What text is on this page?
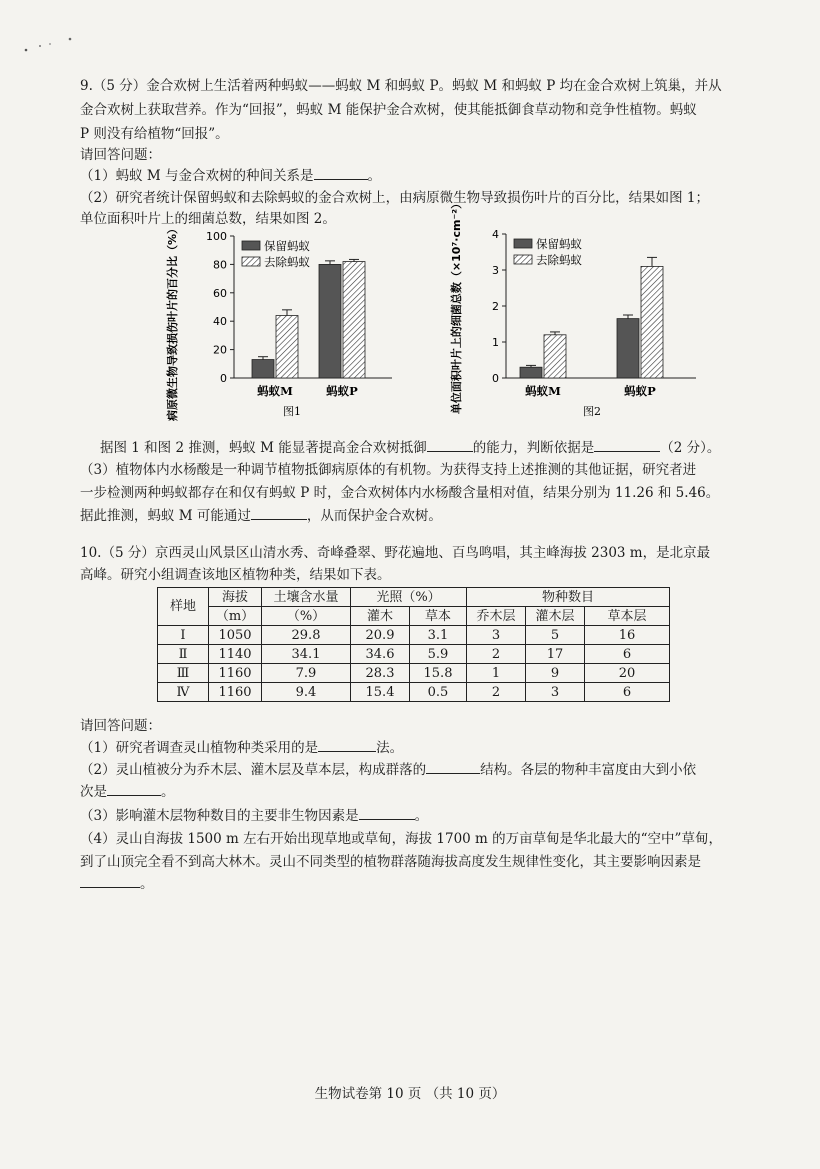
9.（5 分）金合欢树上生活着两种蚂蚁——蚂蚁 M 和蚂蚁 P。蚂蚁 M 和蚂蚁 P 均在金合欢树上筑巢，并从
金合欢树上获取营养。作为“回报”，蚂蚁 M 能保护金合欢树，使其能抵御食草动物和竞争性植物。蚂蚁
P 则没有给植物“回报”。
请回答问题：
（1）蚂蚁 M 与金合欢树的种间关系是	。
（2）研究者统计保留蚂蚁和去除蚂蚁的金合欢树上，由病原微生物导致损伤叶片的百分比，结果如图 1；
单位面积叶片上的细菌总数，结果如图 2。
0
20
40
60
80
100
蚂蚁M	蚂蚁P
保留蚂蚁
去除蚂蚁
病原微生物导致损伤叶片的百分比（%）	图1
0
1
2
3
4
蚂蚁M	蚂蚁P
保留蚂蚁
去除蚂蚁
单位面积叶片上的细菌总数（×10⁷·cm⁻²）	图2
据图 1 和图 2 推测，蚂蚁 M 能显著提高金合欢树抵御	的能力，判断依据是	（2 分）。
（3）植物体内水杨酸是一种调节植物抵御病原体的有机物。为获得支持上述推测的其他证据，研究者进
一步检测两种蚂蚁都存在和仅有蚂蚁 P 时，金合欢树体内水杨酸含量相对值，结果分别为 11.26 和 5.46。
据此推测，蚂蚁 M 可能通过	，从而保护金合欢树。
10.（5 分）京西灵山风景区山清水秀、奇峰叠翠、野花遍地、百鸟鸣唱，其主峰海拔 2303 m，是北京最
高峰。研究小组调查该地区植物种类，结果如下表。
样地	海拔	土壤含水量	光照（%）		物种数目		
	（m）	（%）	灌木	草本	乔木层	灌木层	草本层
Ⅰ	1050	29.8	20.9	3.1	3	5	16
Ⅱ	1140	34.1	34.6	5.9	2	17	6
Ⅲ	1160	7.9	28.3	15.8	1	9	20
Ⅳ	1160	9.4	15.4	0.5	2	3	6
请回答问题：
（1）研究者调查灵山植物种类采用的是	法。
（2）灵山植被分为乔木层、灌木层及草本层，构成群落的	结构。各层的物种丰富度由大到小依
次是	。
（3）影响灌木层物种数目的主要非生物因素是	。
（4）灵山自海拔 1500 m 左右开始出现草地或草甸，海拔 1700 m 的万亩草甸是华北最大的“空中”草甸，
到了山顶完全看不到高大林木。灵山不同类型的植物群落随海拔高度发生规律性变化，其主要影响因素是
。
生物试卷第 10 页 （共 10 页）
